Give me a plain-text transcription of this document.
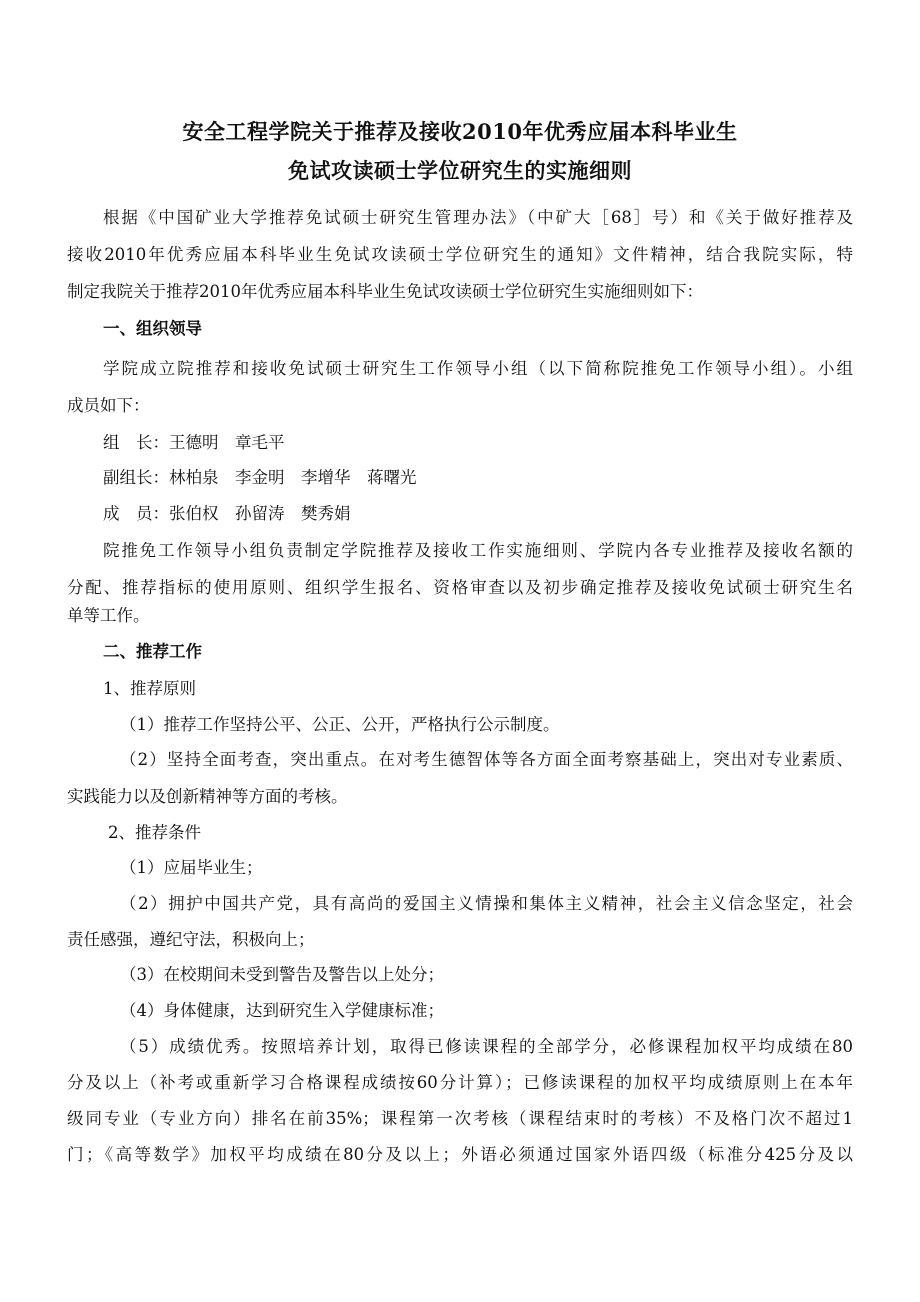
安全工程学院关于推荐及接收2010年优秀应届本科毕业生
免试攻读硕士学位研究生的实施细则
根据《中国矿业大学推荐免试硕士研究生管理办法》（中矿大［68］号）和《关于做好推荐及
接收2010年优秀应届本科毕业生免试攻读硕士学位研究生的通知》文件精神，结合我院实际，特
制定我院关于推荐2010年优秀应届本科毕业生免试攻读硕士学位研究生实施细则如下：
一、组织领导
学院成立院推荐和接收免试硕士研究生工作领导小组（以下简称院推免工作领导小组）。小组
成员如下：
组　长：王德明　章毛平
副组长：林柏泉　李金明　李增华　蒋曙光
成　员：张伯权　孙留涛　樊秀娟
院推免工作领导小组负责制定学院推荐及接收工作实施细则、学院内各专业推荐及接收名额的
分配、推荐指标的使用原则、组织学生报名、资格审查以及初步确定推荐及接收免试硕士研究生名
单等工作。
二、推荐工作
1、推荐原则
（1）推荐工作坚持公平、公正、公开，严格执行公示制度。
（2）坚持全面考查，突出重点。在对考生德智体等各方面全面考察基础上，突出对专业素质、
实践能力以及创新精神等方面的考核。
2、推荐条件
（1）应届毕业生；
（2）拥护中国共产党，具有高尚的爱国主义情操和集体主义精神，社会主义信念坚定，社会
责任感强，遵纪守法，积极向上；
（3）在校期间未受到警告及警告以上处分；
（4）身体健康，达到研究生入学健康标准；
（5）成绩优秀。按照培养计划，取得已修读课程的全部学分，必修课程加权平均成绩在80
分及以上（补考或重新学习合格课程成绩按60分计算）；已修读课程的加权平均成绩原则上在本年
级同专业（专业方向）排名在前35%；课程第一次考核（课程结束时的考核）不及格门次不超过1
门；《高等数学》加权平均成绩在80分及以上；外语必须通过国家外语四级（标准分425分及以
